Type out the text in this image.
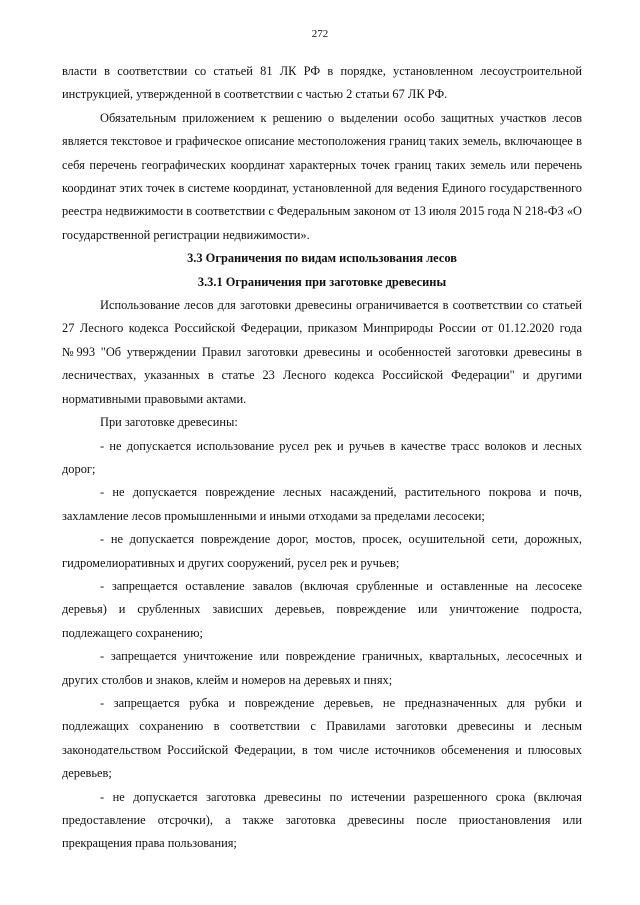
272

власти в соответствии со статьей 81 ЛК РФ в порядке, установленном лесоустроительной инструкцией, утвержденной в соответствии с частью 2 статьи 67 ЛК РФ.

Обязательным приложением к решению о выделении особо защитных участков лесов является текстовое и графическое описание местоположения границ таких земель, включающее в себя перечень географических координат характерных точек границ таких земель или перечень координат этих точек в системе координат, установленной для ведения Единого государственного реестра недвижимости в соответствии с Федеральным законом от 13 июля 2015 года N 218-ФЗ «О государственной регистрации недвижимости».

3.3 Ограничения по видам использования лесов
3.3.1 Ограничения при заготовке древесины

Использование лесов для заготовки древесины ограничивается в соответствии со статьей 27 Лесного кодекса Российской Федерации, приказом Минприроды России от 01.12.2020 года №993 "Об утверждении Правил заготовки древесины и особенностей заготовки древесины в лесничествах, указанных в статье 23 Лесного кодекса Российской Федерации" и другими нормативными правовыми актами.

При заготовке древесины:

- не допускается использование русел рек и ручьев в качестве трасс волоков и лесных дорог;

- не допускается повреждение лесных насаждений, растительного покрова и почв, захламление лесов промышленными и иными отходами за пределами лесосеки;

- не допускается повреждение дорог, мостов, просек, осушительной сети, дорожных, гидромелиоративных и других сооружений, русел рек и ручьев;

- запрещается оставление завалов (включая срубленные и оставленные на лесосеке деревья) и срубленных зависших деревьев, повреждение или уничтожение подроста, подлежащего сохранению;

- запрещается уничтожение или повреждение граничных, квартальных, лесосечных и других столбов и знаков, клейм и номеров на деревьях и пнях;

- запрещается рубка и повреждение деревьев, не предназначенных для рубки и подлежащих сохранению в соответствии с Правилами заготовки древесины и лесным законодательством Российской Федерации, в том числе источников обсеменения и плюсовых деревьев;

- не допускается заготовка древесины по истечении разрешенного срока (включая предоставление отсрочки), а также заготовка древесины после приостановления или прекращения права пользования;
